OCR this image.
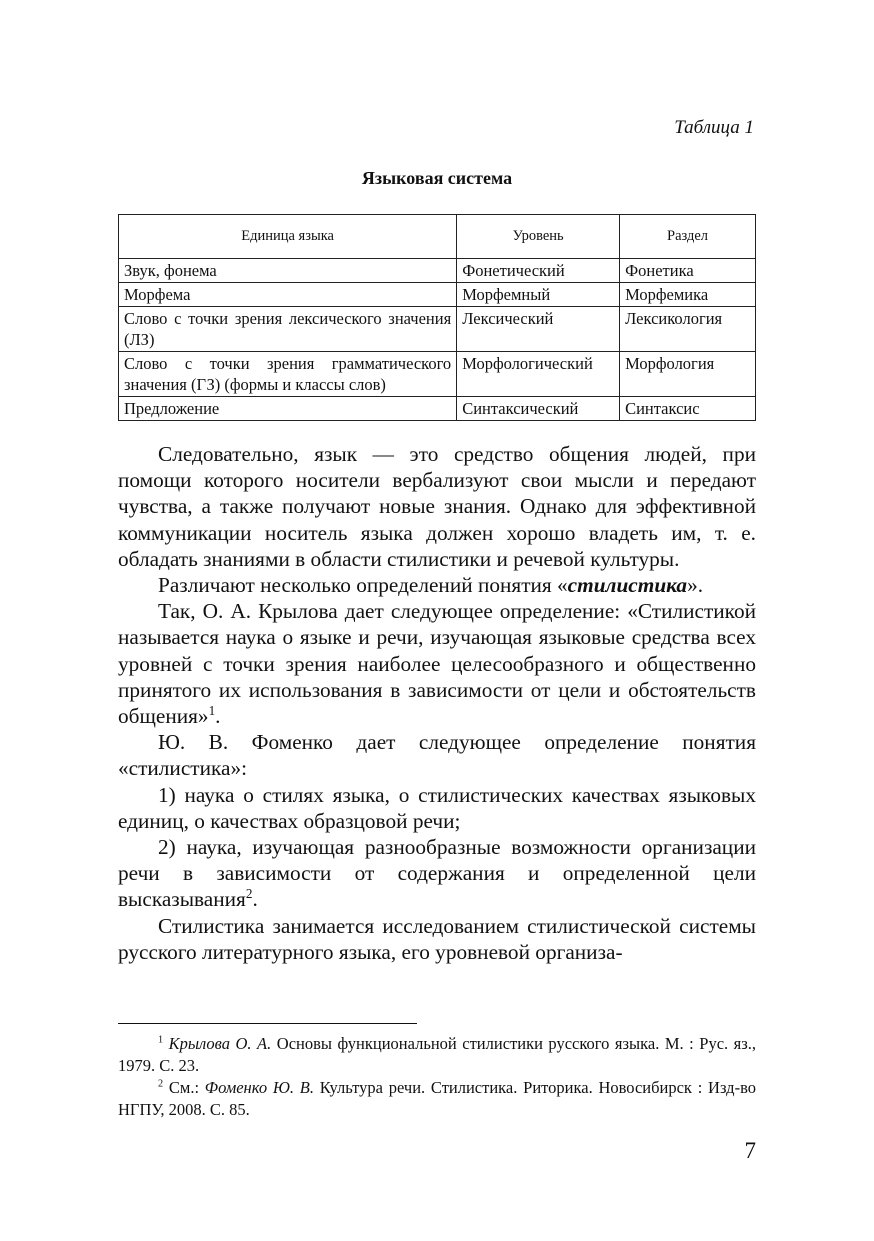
Таблица 1
Языковая система
Единица языка	Уровень	Раздел
Звук, фонема	Фонетический	Фонетика
Морфема	Морфемный	Морфемика
Слово с точки зрения лексического значения (ЛЗ)	Лексический	Лексикология
Слово с точки зрения грамматического значения (ГЗ) (формы и классы слов)	Морфологический	Морфология
Предложение	Синтаксический	Синтаксис

Следовательно, язык — это средство общения людей, при помощи которого носители вербализуют свои мысли и передают чувства, а также получают новые знания. Однако для эффективной коммуникации носитель языка должен хорошо владеть им, т. е. обладать знаниями в области стилистики и речевой культуры.

Различают несколько определений понятия «стилистика».

Так, О. А. Крылова дает следующее определение: «Стилистикой называется наука о языке и речи, изучающая языковые средства всех уровней с точки зрения наиболее целесообразного и общественно принятого их использования в зависимости от цели и обстоятельств общения»$^1$.

Ю. В. Фоменко дает следующее определение понятия «стилистика»:

1) наука о стилях языка, о стилистических качествах языковых единиц, о качествах образцовой речи;

2) наука, изучающая разнообразные возможности организации речи в зависимости от содержания и определенной цели высказывания$^2$.

Стилистика занимается исследованием стилистической системы русского литературного языка, его уровневой организа-

$^1$ Крылова О. А. Основы функциональной стилистики русского языка. М. : Рус. яз., 1979. С. 23.

$^2$ См.: Фоменко Ю. В. Культура речи. Стилистика. Риторика. Новосибирск : Изд-во НГПУ, 2008. С. 85.

7
